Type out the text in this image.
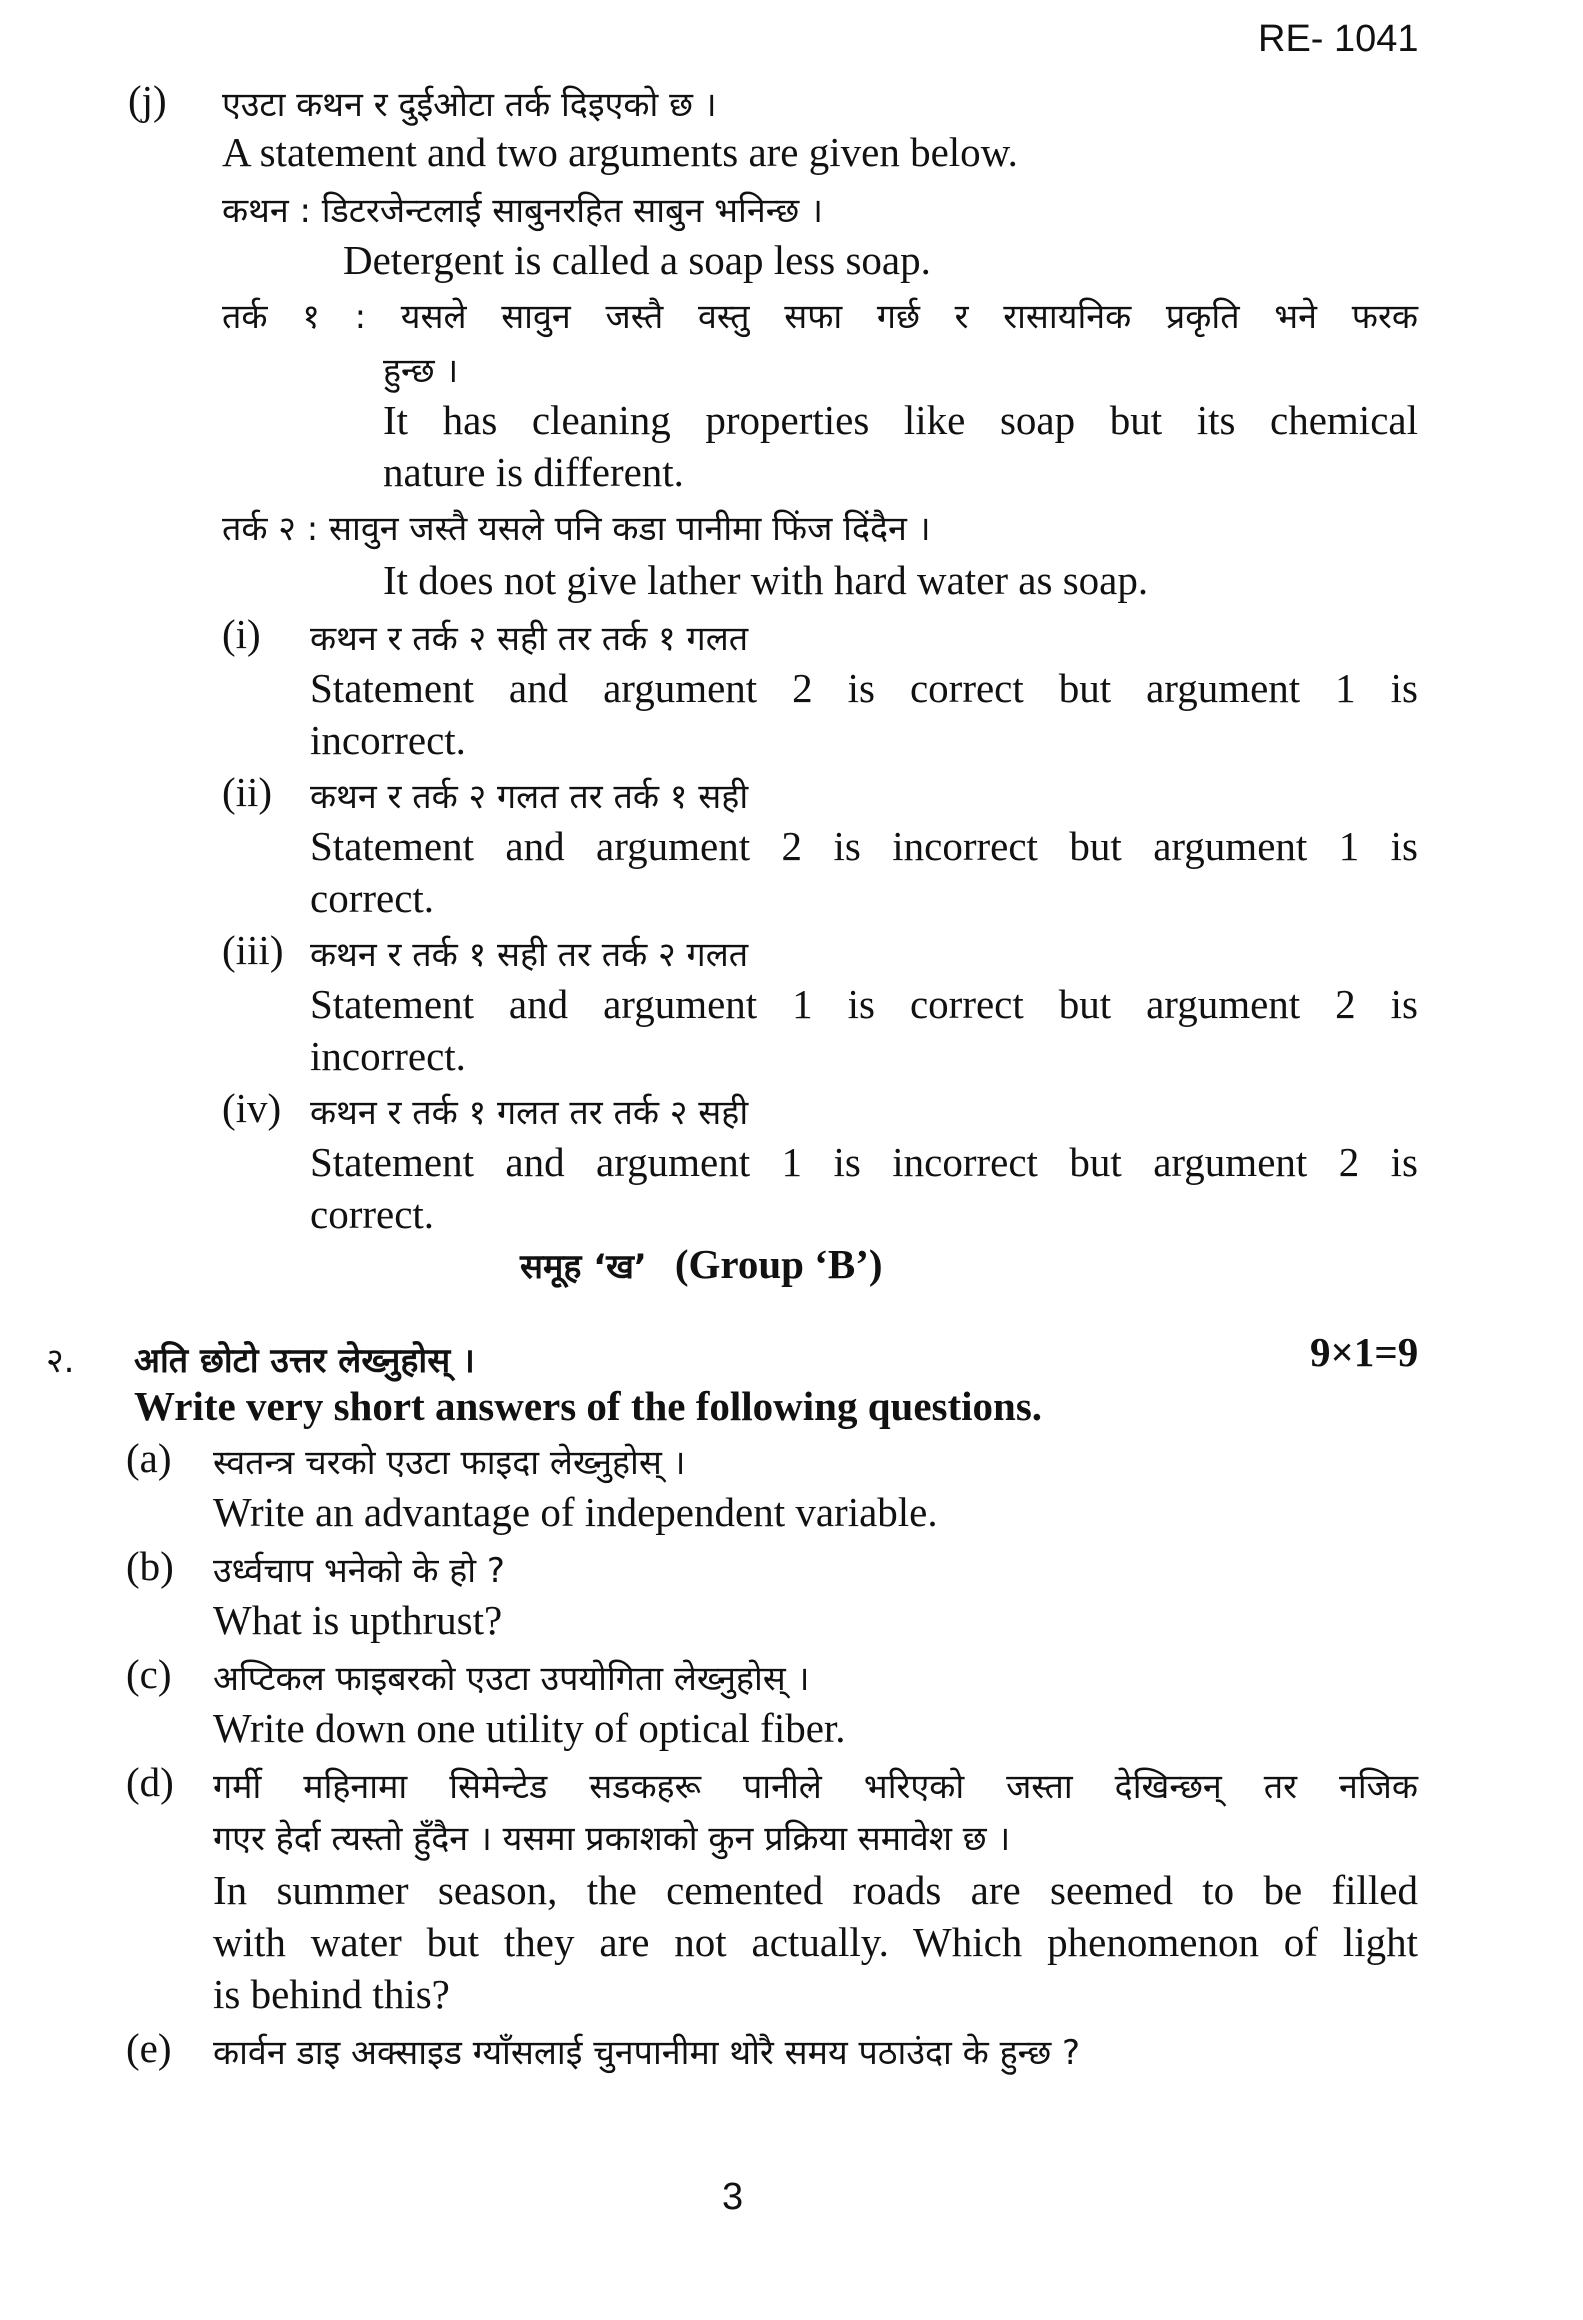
RE- 1041
(j) एउटा कथन र दुईओटा तर्क दिइएको छ ।
A statement and two arguments are given below.
कथन : डिटरजेन्टलाई साबुनरहित साबुन भनिन्छ ।
Detergent is called a soap less soap.
तर्क १ : यसले सावुन जस्तै वस्तु सफा गर्छ र रासायनिक प्रकृति भने फरक
हुन्छ ।
It has cleaning properties like soap but its chemical
nature is different.
तर्क २ : सावुन जस्तै यसले पनि कडा पानीमा फिंज दिंदैन ।
It does not give lather with hard water as soap.
(i) कथन र तर्क २ सही तर तर्क १ गलत
Statement and argument 2 is correct but argument 1 is
incorrect.
(ii) कथन र तर्क २ गलत तर तर्क १ सही
Statement and argument 2 is incorrect but argument 1 is
correct.
(iii) कथन र तर्क १ सही तर तर्क २ गलत
Statement and argument 1 is correct but argument 2 is
incorrect.
(iv) कथन र तर्क १ गलत तर तर्क २ सही
Statement and argument 1 is incorrect but argument 2 is
correct.
समूह ‘ख’ (Group ‘B’)
२. अति छोटो उत्तर लेख्नुहोस् ।	9×1=9
Write very short answers of the following questions.
(a) स्वतन्त्र चरको एउटा फाइदा लेख्नुहोस् ।
Write an advantage of independent variable.
(b) उर्ध्वचाप भनेको के हो ?
What is upthrust?
(c) अप्टिकल फाइबरको एउटा उपयोगिता लेख्नुहोस् ।
Write down one utility of optical fiber.
(d) गर्मी महिनामा सिमेन्टेड सडकहरू पानीले भरिएको जस्ता देखिन्छन् तर नजिक
गएर हेर्दा त्यस्तो हुँदैन । यसमा प्रकाशको कुन प्रक्रिया समावेश छ ।
In summer season, the cemented roads are seemed to be filled
with water but they are not actually. Which phenomenon of light
is behind this?
(e) कार्वन डाइ अक्साइड ग्याँसलाई चुनपानीमा थोरै समय पठाउंदा के हुन्छ ?
3
